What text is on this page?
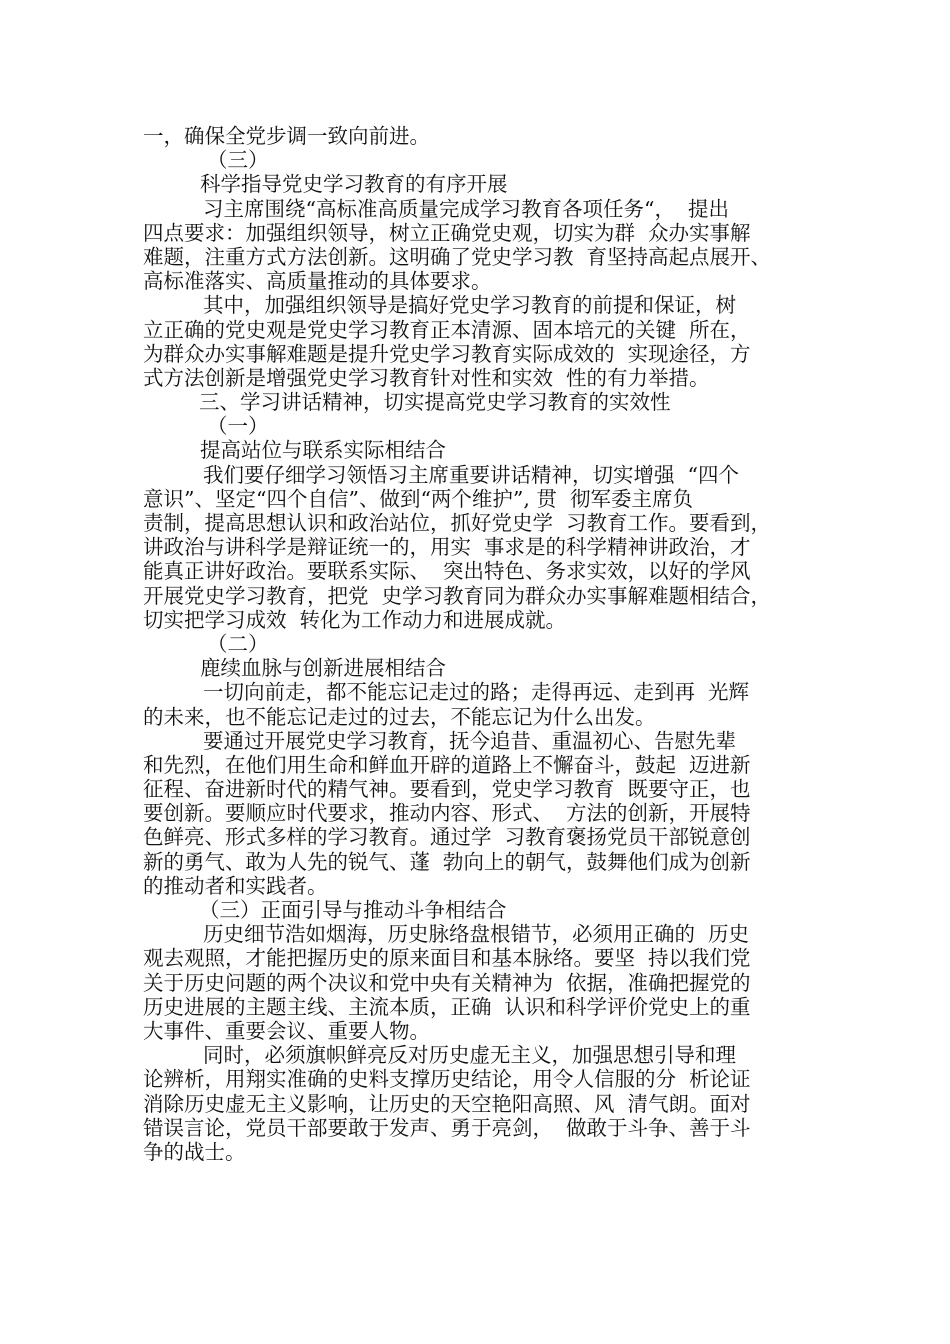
一，确保全党步调一致向前进。
（三）
科学指导党史学习教育的有序开展
习主席围绕“高标准高质量完成学习教育各项任务“，  提出
四点要求：加强组织领导，树立正确党史观，切实为群  众办实事解
难题，注重方式方法创新。这明确了党史学习教  育坚持高起点展开、
高标准落实、高质量推动的具体要求。
其中，加强组织领导是搞好党史学习教育的前提和保证，树
立正确的党史观是党史学习教育正本清源、固本培元的关键  所在，
为群众办实事解难题是提升党史学习教育实际成效的  实现途径，方
式方法创新是增强党史学习教育针对性和实效  性的有力举措。
三、学习讲话精神，切实提高党史学习教育的实效性
（一）
提高站位与联系实际相结合
我们要仔细学习领悟习主席重要讲话精神，切实增强  “四个
意识”、坚定“四个自信”、做到“两个维护”, 贯  彻军委主席负
责制，提高思想认识和政治站位，抓好党史学  习教育工作。要看到，
讲政治与讲科学是辩证统一的，用实  事求是的科学精神讲政治，才
能真正讲好政治。要联系实际、  突出特色、务求实效，以好的学风
开展党史学习教育，把党  史学习教育同为群众办实事解难题相结合，
切实把学习成效  转化为工作动力和进展成就。
（二）
鹿续血脉与创新进展相结合
一切向前走，都不能忘记走过的路；走得再远、走到再  光辉
的未来，也不能忘记走过的过去，不能忘记为什么出发。
要通过开展党史学习教育，抚今追昔、重温初心、告慰先辈
和先烈，在他们用生命和鲜血开辟的道路上不懈奋斗，鼓起  迈进新
征程、奋进新时代的精气神。要看到，党史学习教育  既要守正，也
要创新。要顺应时代要求，推动内容、形式、  方法的创新，开展特
色鲜亮、形式多样的学习教育。通过学  习教育褒扬党员干部锐意创
新的勇气、敢为人先的锐气、蓬  勃向上的朝气，鼓舞他们成为创新
的推动者和实践者。
（三）正面引导与推动斗争相结合
历史细节浩如烟海，历史脉络盘根错节，必须用正确的  历史
观去观照，才能把握历史的原来面目和基本脉络。要坚  持以我们党
关于历史问题的两个决议和党中央有关精神为  依据，准确把握党的
历史进展的主题主线、主流本质，正确  认识和科学评价党史上的重
大事件、重要会议、重要人物。
同时，必须旗帜鲜亮反对历史虚无主义，加强思想引导和理
论辨析，用翔实准确的史料支撑历史结论，用令人信服的分  析论证
消除历史虚无主义影响，让历史的天空艳阳高照、风  清气朗。面对
错误言论，党员干部要敢于发声、勇于亮剑，  做敢于斗争、善于斗
争的战士。
